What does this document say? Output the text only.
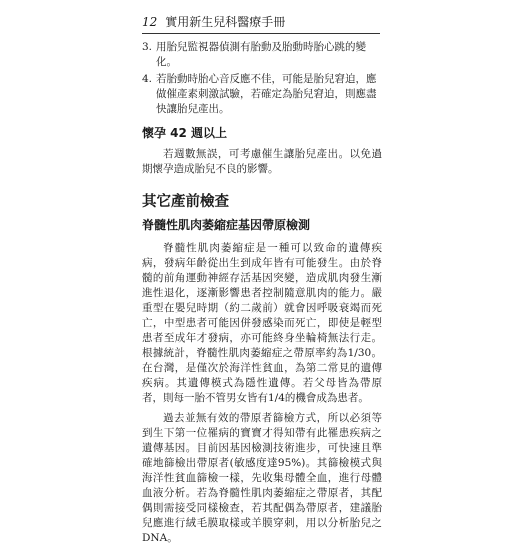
12 實用新生兒科醫療手冊
3. 用胎兒監視器偵測有胎動及胎動時胎心跳的變化。
4. 若胎動時胎心音反應不佳，可能是胎兒窘迫，應做催產素刺激試驗，若確定為胎兒窘迫，則應盡快讓胎兒產出。
懷孕 42 週以上

若週數無誤，可考慮催生讓胎兒產出。以免過期懷孕造成胎兒不良的影響。

其它產前檢查
脊髓性肌肉萎縮症基因帶原檢測

脊髓性肌肉萎縮症是一種可以致命的遺傳疾病，發病年齡從出生到成年皆有可能發生。由於脊髓的前角運動神經存活基因突變，造成肌肉發生漸進性退化，逐漸影響患者控制隨意肌肉的能力。嚴重型在嬰兒時期（約二歲前）就會因呼吸衰竭而死亡，中型患者可能因併發感染而死亡，即使是輕型患者至成年才發病，亦可能終身坐輪椅無法行走。根據統計，脊髓性肌肉萎縮症之帶原率約為1/30。在台灣，是僅次於海洋性貧血，為第二常見的遺傳疾病。其遺傳模式為隱性遺傳。若父母皆為帶原者，則每一胎不管男女皆有1/4的機會成為患者。

過去並無有效的帶原者篩檢方式，所以必須等到生下第一位罹病的寶寶才得知帶有此罹患疾病之遺傳基因。目前因基因檢測技術進步，可快速且準確地篩檢出帶原者(敏感度達95%)。其篩檢模式與海洋性貧血篩檢一樣，先收集母體全血，進行母體血液分析。若為脊髓性肌肉萎縮症之帶原者，其配偶則需接受同樣檢查，若其配偶為帶原者，建議胎兒應進行絨毛膜取樣或羊膜穿刺，用以分析胎兒之 DNA。
